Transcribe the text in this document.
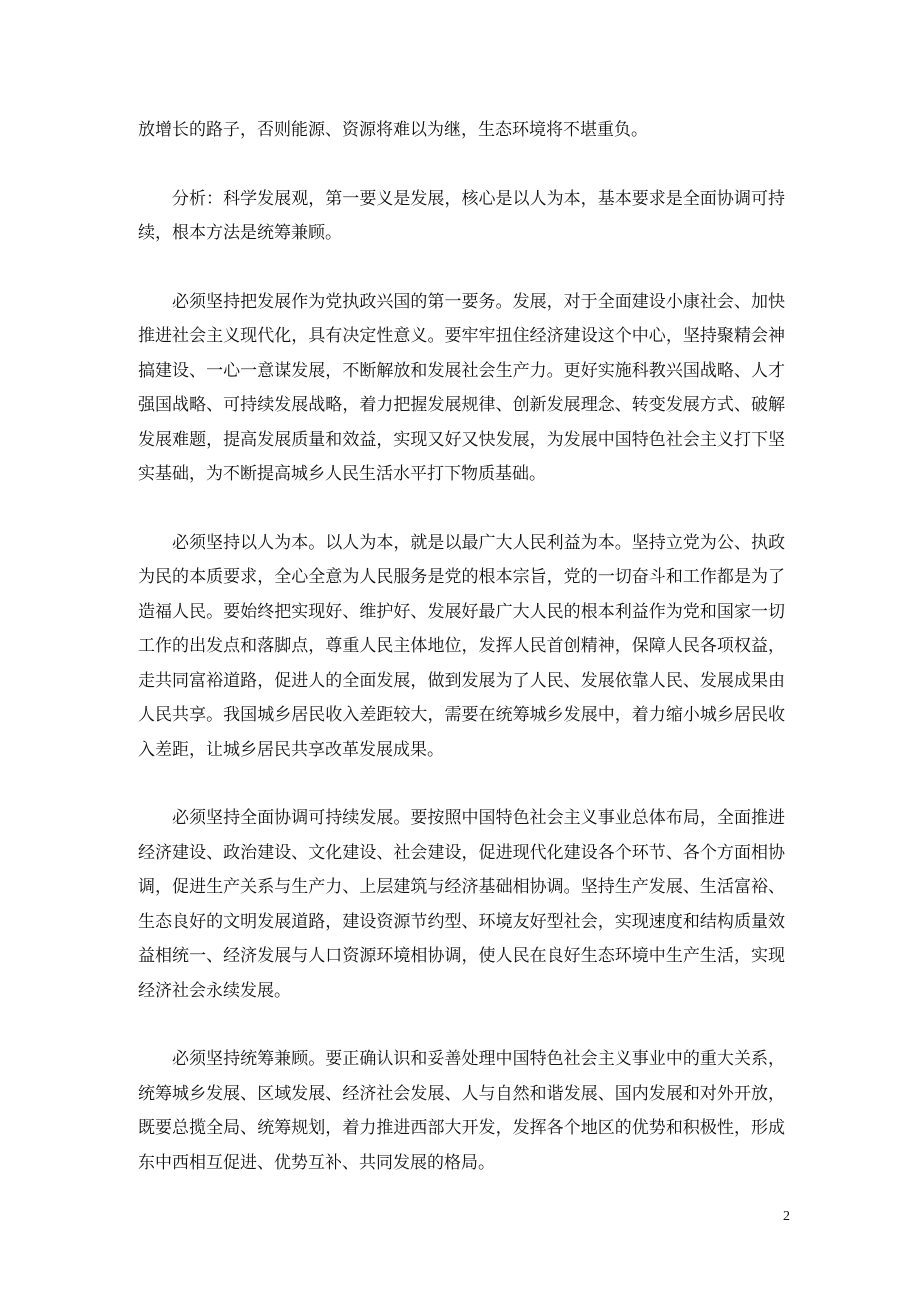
放增长的路子，否则能源、资源将难以为继，生态环境将不堪重负。

分析：科学发展观，第一要义是发展，核心是以人为本，基本要求是全面协调可持续，根本方法是统筹兼顾。

必须坚持把发展作为党执政兴国的第一要务。发展，对于全面建设小康社会、加快推进社会主义现代化，具有决定性意义。要牢牢扭住经济建设这个中心，坚持聚精会神搞建设、一心一意谋发展，不断解放和发展社会生产力。更好实施科教兴国战略、人才强国战略、可持续发展战略，着力把握发展规律、创新发展理念、转变发展方式、破解发展难题，提高发展质量和效益，实现又好又快发展，为发展中国特色社会主义打下坚实基础，为不断提高城乡人民生活水平打下物质基础。

必须坚持以人为本。以人为本，就是以最广大人民利益为本。坚持立党为公、执政为民的本质要求，全心全意为人民服务是党的根本宗旨，党的一切奋斗和工作都是为了造福人民。要始终把实现好、维护好、发展好最广大人民的根本利益作为党和国家一切工作的出发点和落脚点，尊重人民主体地位，发挥人民首创精神，保障人民各项权益，走共同富裕道路，促进人的全面发展，做到发展为了人民、发展依靠人民、发展成果由人民共享。我国城乡居民收入差距较大，需要在统筹城乡发展中，着力缩小城乡居民收入差距，让城乡居民共享改革发展成果。

必须坚持全面协调可持续发展。要按照中国特色社会主义事业总体布局，全面推进经济建设、政治建设、文化建设、社会建设，促进现代化建设各个环节、各个方面相协调，促进生产关系与生产力、上层建筑与经济基础相协调。坚持生产发展、生活富裕、生态良好的文明发展道路，建设资源节约型、环境友好型社会，实现速度和结构质量效益相统一、经济发展与人口资源环境相协调，使人民在良好生态环境中生产生活，实现经济社会永续发展。

必须坚持统筹兼顾。要正确认识和妥善处理中国特色社会主义事业中的重大关系，统筹城乡发展、区域发展、经济社会发展、人与自然和谐发展、国内发展和对外开放，既要总揽全局、统筹规划，着力推进西部大开发，发挥各个地区的优势和积极性，形成东中西相互促进、优势互补、共同发展的格局。

2
